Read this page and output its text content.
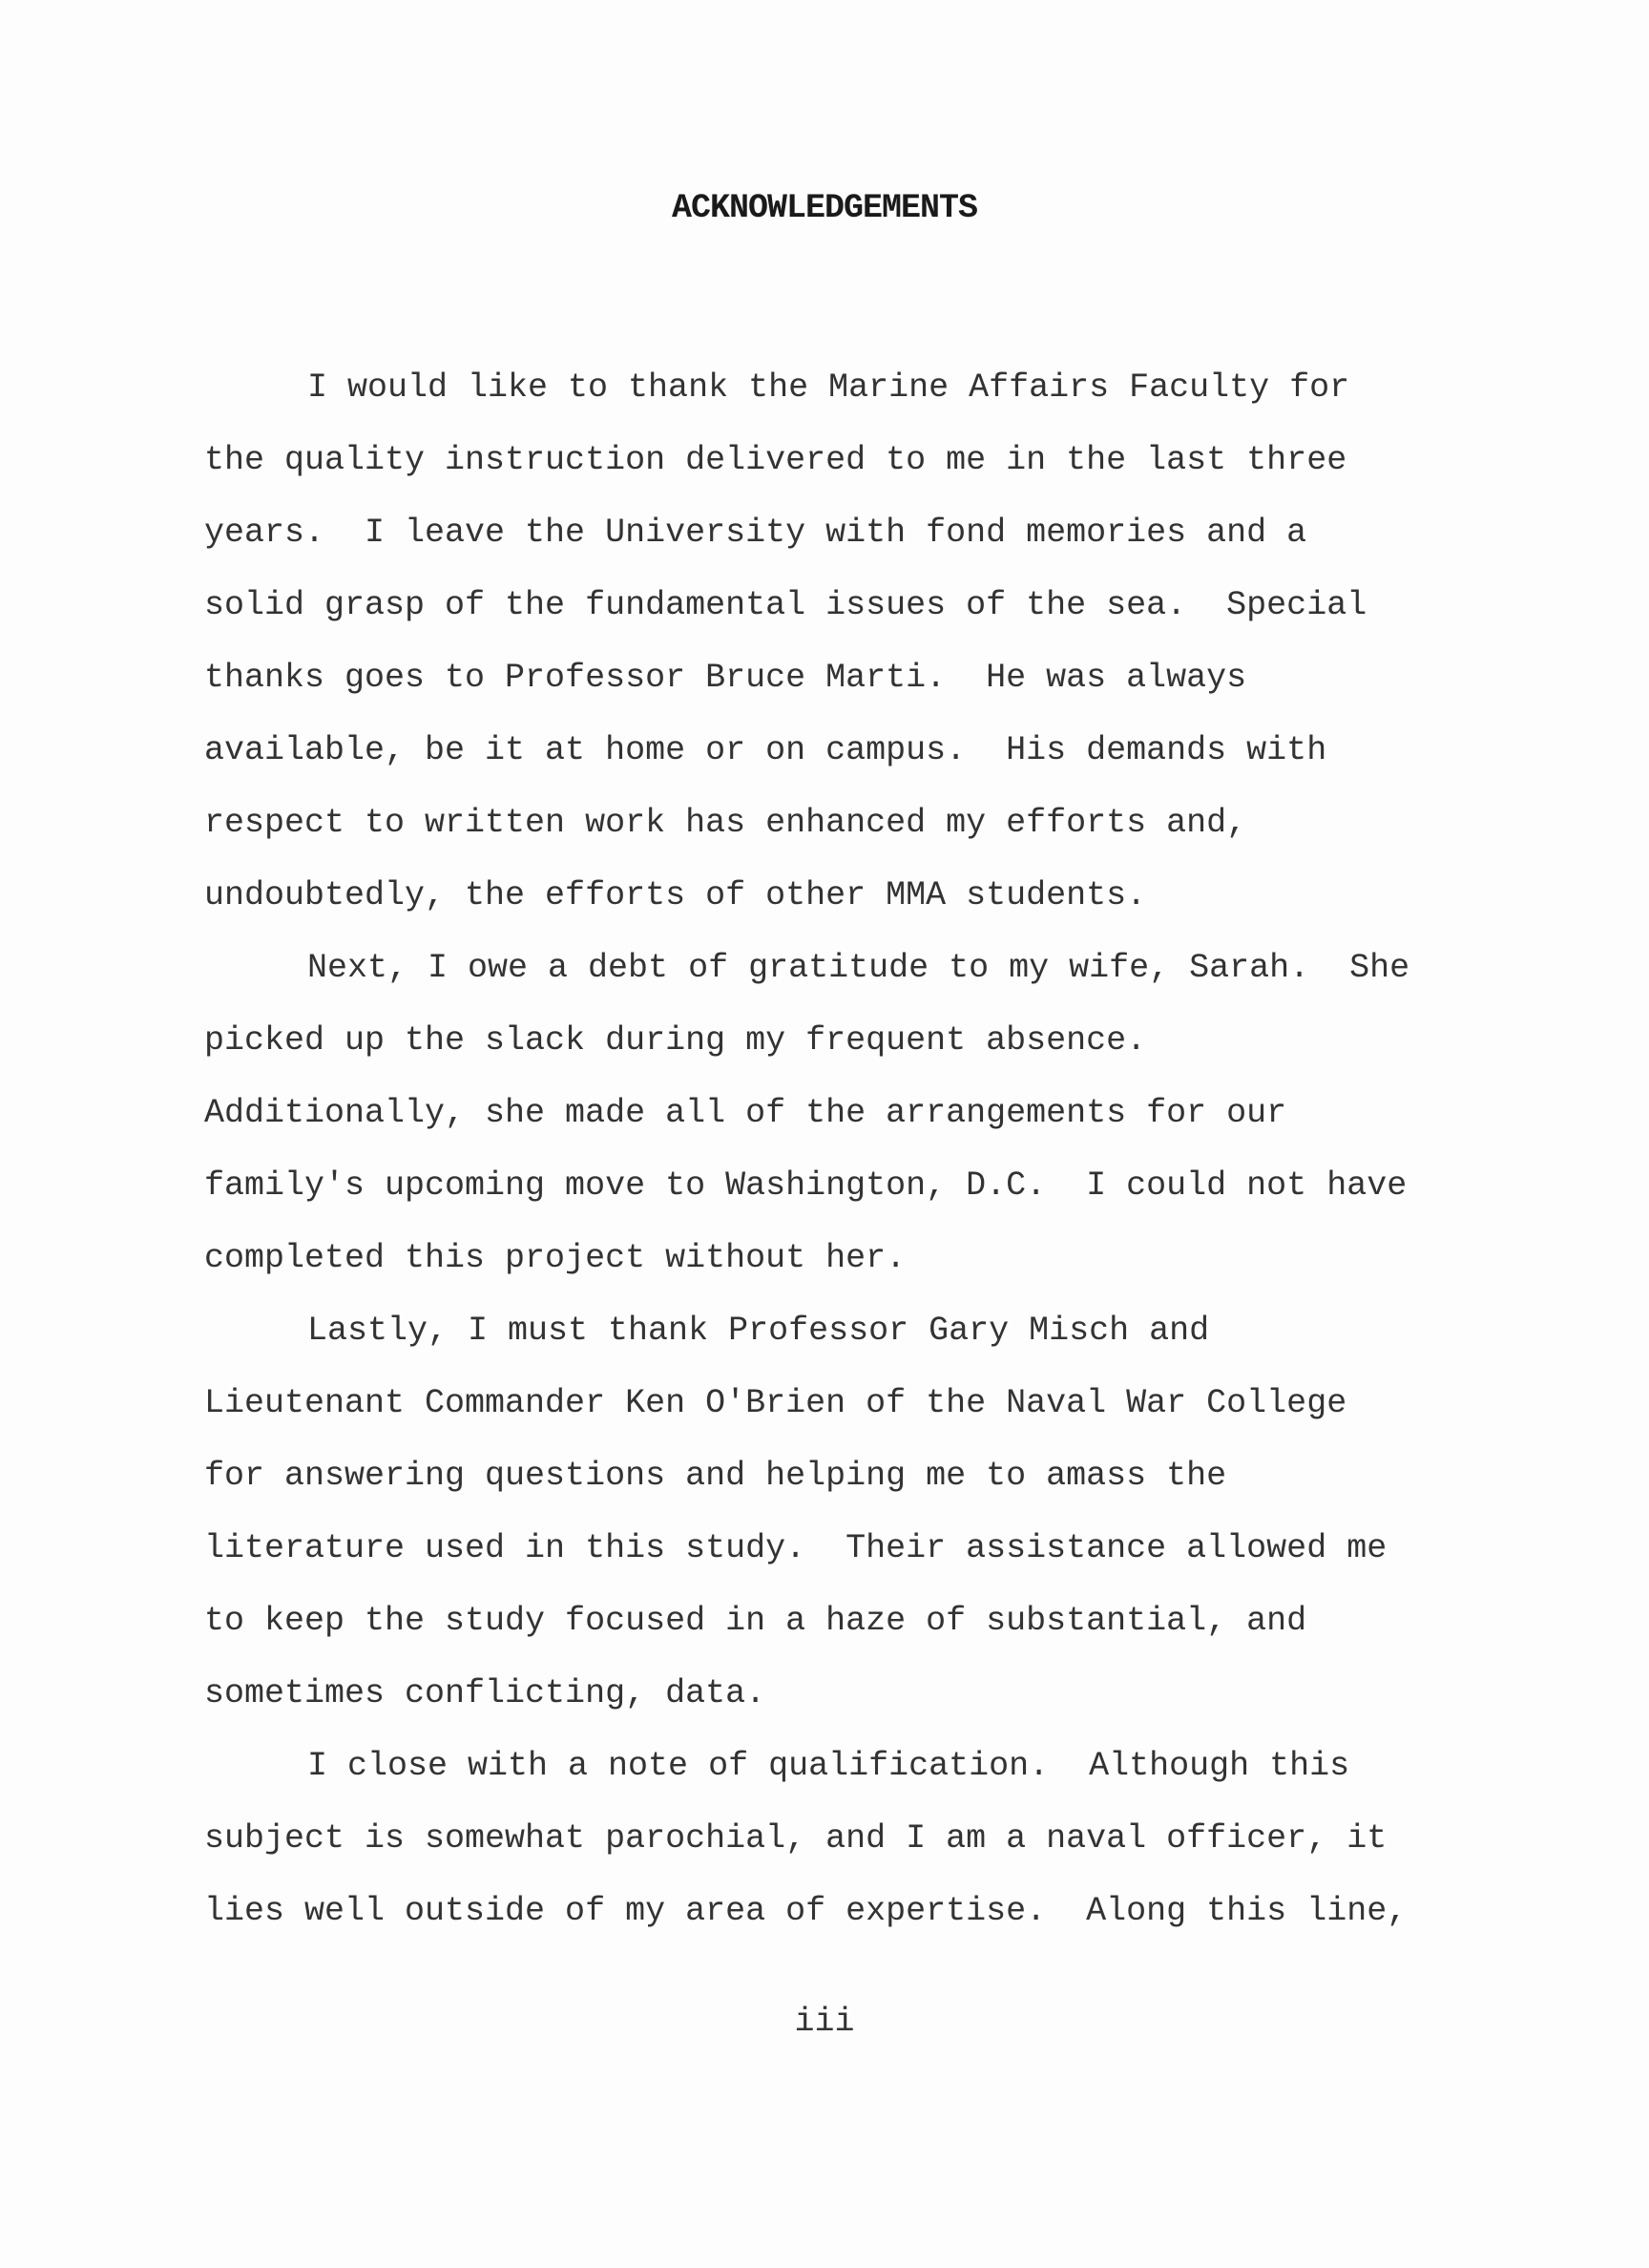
ACKNOWLEDGEMENTS
I would like to thank the Marine Affairs Faculty for
the quality instruction delivered to me in the last three
years.  I leave the University with fond memories and a
solid grasp of the fundamental issues of the sea.  Special
thanks goes to Professor Bruce Marti.  He was always
available, be it at home or on campus.  His demands with
respect to written work has enhanced my efforts and,
undoubtedly, the efforts of other MMA students.
Next, I owe a debt of gratitude to my wife, Sarah.  She
picked up the slack during my frequent absence.
Additionally, she made all of the arrangements for our
family's upcoming move to Washington, D.C.  I could not have
completed this project without her.
Lastly, I must thank Professor Gary Misch and
Lieutenant Commander Ken O'Brien of the Naval War College
for answering questions and helping me to amass the
literature used in this study.  Their assistance allowed me
to keep the study focused in a haze of substantial, and
sometimes conflicting, data.
I close with a note of qualification.  Although this
subject is somewhat parochial, and I am a naval officer, it
lies well outside of my area of expertise.  Along this line,
iii
